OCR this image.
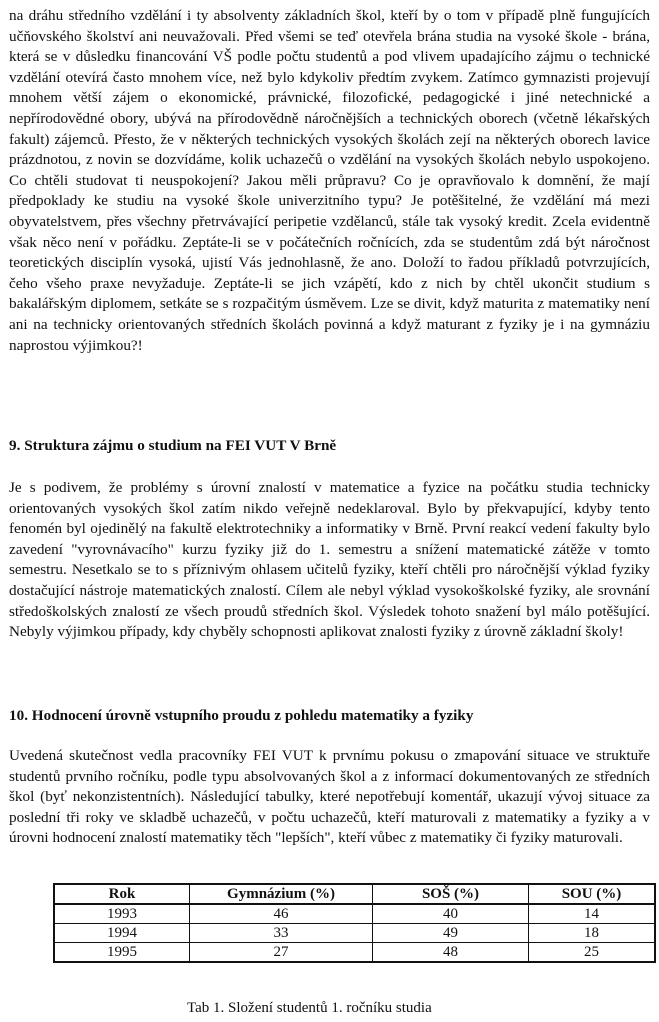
na dráhu středního vzdělání i ty absolventy základních škol, kteří by o tom v případě plně fungujících učňovského školství ani neuvažovali. Před všemi se teď otevřela brána studia na vysoké škole - brána, která se v důsledku financování VŠ podle počtu studentů a pod vlivem upadajícího zájmu o technické vzdělání otevírá často mnohem více, než bylo kdykoliv předtím zvykem. Zatímco gymnazisti projevují mnohem větší zájem o ekonomické, právnické, filozofické, pedagogické i jiné netechnické a nepřírodovědné obory, ubývá na přírodovědně náročnějších a technických oborech (včetně lékařských fakult) zájemců. Přesto, že v některých technických vysokých školách zejí na některých oborech lavice prázdnotou, z novin se dozvídáme, kolik uchazečů o vzdělání na vysokých školách nebylo uspokojeno. Co chtěli studovat ti neuspokojení? Jakou měli průpravu? Co je opravňovalo k domnění, že mají předpoklady ke studiu na vysoké škole univerzitního typu? Je potěšitelné, že vzdělání má mezi obyvatelstvem, přes všechny přetrvávající peripetie vzdělanců, stále tak vysoký kredit. Zcela evidentně však něco není v pořádku. Zeptáte-li se v počátečních ročnících, zda se studentům zdá být náročnost teoretických disciplín vysoká, ujistí Vás jednohlasně, že ano. Doloží to řadou příkladů potvrzujících, čeho všeho praxe nevyžaduje. Zeptáte-li se jich vzápětí, kdo z nich by chtěl ukončit studium s bakalářským diplomem, setkáte se s rozpačitým úsměvem. Lze se divit, když maturita z matematiky není ani na technicky orientovaných středních školách povinná a když maturant z fyziky je i na gymnáziu naprostou výjimkou?!

9. Struktura zájmu o studium na FEI VUT V Brně

Je s podivem, že problémy s úrovní znalostí v matematice a fyzice na počátku studia technicky orientovaných vysokých škol zatím nikdo veřejně nedeklaroval. Bylo by překvapující, kdyby tento fenomén byl ojedinělý na fakultě elektrotechniky a informatiky v Brně. První reakcí vedení fakulty bylo zavedení "vyrovnávacího" kurzu fyziky již do 1. semestru a snížení matematické zátěže v tomto semestru. Nesetkalo se to s příznivým ohlasem učitelů fyziky, kteří chtěli pro náročnější výklad fyziky dostačující nástroje matematických znalostí. Cílem ale nebyl výklad vysokoškolské fyziky, ale srovnání středoškolských znalostí ze všech proudů středních škol. Výsledek tohoto snažení byl málo potěšující. Nebyly výjimkou případy, kdy chyběly schopnosti aplikovat znalosti fyziky z úrovně základní školy!

10. Hodnocení úrovně vstupního proudu z pohledu matematiky a fyziky

Uvedená skutečnost vedla pracovníky FEI VUT k prvnímu pokusu o zmapování situace ve struktuře studentů prvního ročníku, podle typu absolvovaných škol a z informací dokumentovaných ze středních škol (byť nekonzistentních). Následující tabulky, které nepotřebují komentář, ukazují vývoj situace za poslední tři roky ve skladbě uchazečů, v počtu uchazečů, kteří maturovali z matematiky a fyziky a v úrovni hodnocení znalostí matematiky těch "lepších", kteří vůbec z matematiky či fyziky maturovali.

Rok	Gymnázium (%)	SOŠ (%)	SOU (%)
1993	46	40	14
1994	33	49	18
1995	27	48	25
Tab 1. Složení studentů 1. ročníku studia
